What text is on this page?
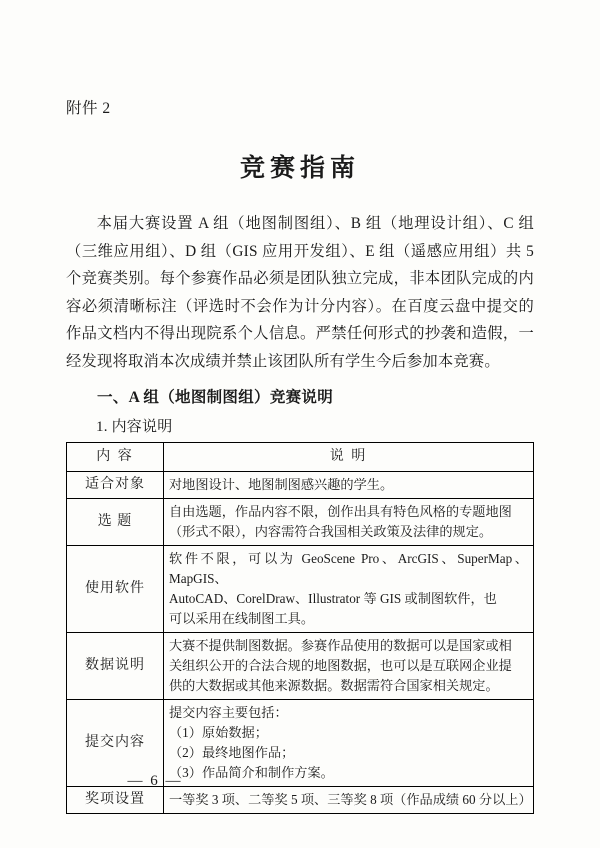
附件 2
竞赛指南

本届大赛设置 A 组（地图制图组）、B 组（地理设计组）、C 组（三维应用组）、D 组（GIS 应用开发组）、E 组（遥感应用组）共 5 个竞赛类别。每个参赛作品必须是团队独立完成，非本团队完成的内容必须清晰标注（评选时不会作为计分内容）。在百度云盘中提交的作品文档内不得出现院系个人信息。严禁任何形式的抄袭和造假，一经发现将取消本次成绩并禁止该团队所有学生今后参加本竞赛。

一、A 组（地图制图组）竞赛说明
1. 内容说明
内 容	说 明
适合对象	对地图设计、地图制图感兴趣的学生。

选 题	自由选题，作品内容不限，创作出具有特色风格的专题地图
（形式不限），内容需符合我国相关政策及法律的规定。

使用软件	软件不限，可以为 GeoScene Pro、ArcGIS、SuperMap、MapGIS、
AutoCAD、CorelDraw、Illustrator 等 GIS 或制图软件，也
可以采用在线制图工具。

数据说明	大赛不提供制图数据。参赛作品使用的数据可以是国家或相
关组织公开的合法合规的地图数据，也可以是互联网企业提
供的大数据或其他来源数据。数据需符合国家相关规定。

提交内容	提交内容主要包括：
（1）原始数据；
（2）最终地图作品；
（3）作品简介和制作方案。

奖项设置	一等奖 3 项、二等奖 5 项、三等奖 8 项（作品成绩 60 分以上）
— 6 —
